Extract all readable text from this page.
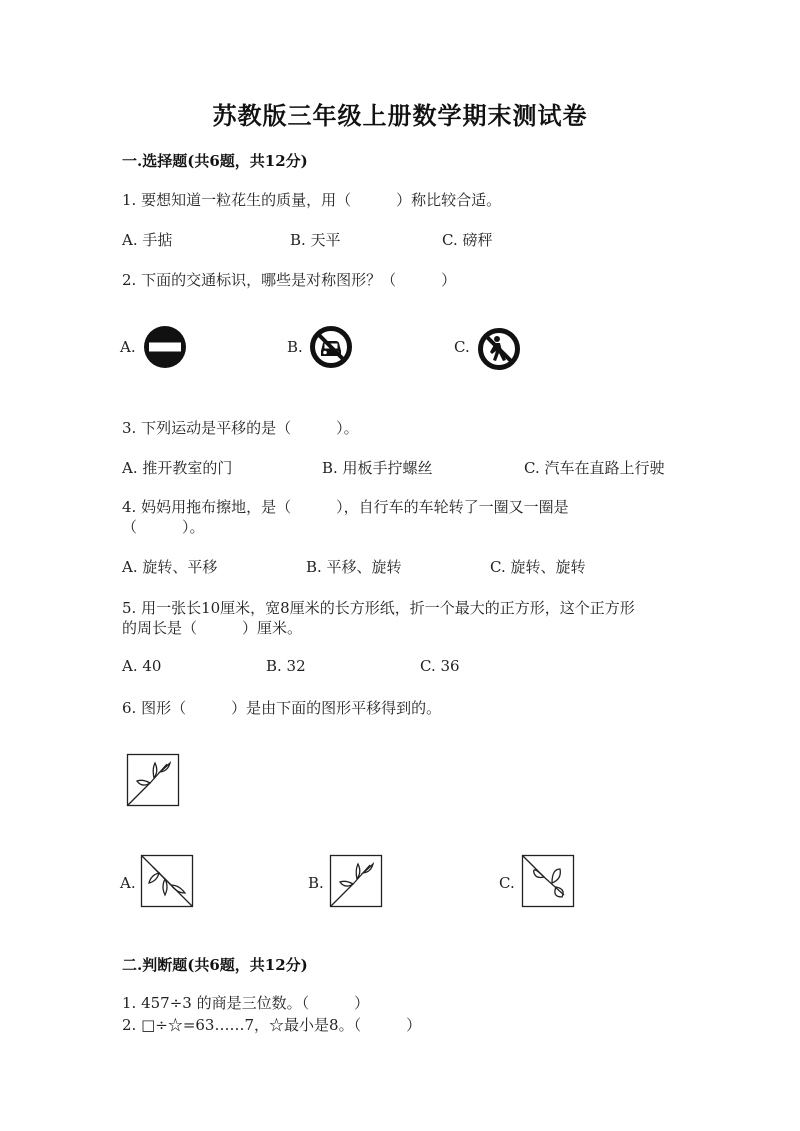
苏教版三年级上册数学期末测试卷
一.选择题(共6题，共12分)
1. 要想知道一粒花生的质量，用（　　　）称比较合适。
A. 手掂	B. 天平	C. 磅秤
2. 下面的交通标识，哪些是对称图形？（　　　）
A.	B.	C.
3. 下列运动是平移的是（　　　）。
A. 推开教室的门	B. 用板手拧螺丝	C. 汽车在直路上行驶
4. 妈妈用拖布擦地，是（　　　），自行车的车轮转了一圈又一圈是
（　　　）。
A. 旋转、平移	B. 平移、旋转	C. 旋转、旋转
5. 用一张长10厘米，宽8厘米的长方形纸，折一个最大的正方形，这个正方形
的周长是（　　　）厘米。
A. 40	B. 32	C. 36
6. 图形（　　　）是由下面的图形平移得到的。
A.	B.	C.
二.判断题(共6题，共12分)
1. 457÷3 的商是三位数。（　　　）
2. □÷☆=63……7，☆最小是8。（　　　）
